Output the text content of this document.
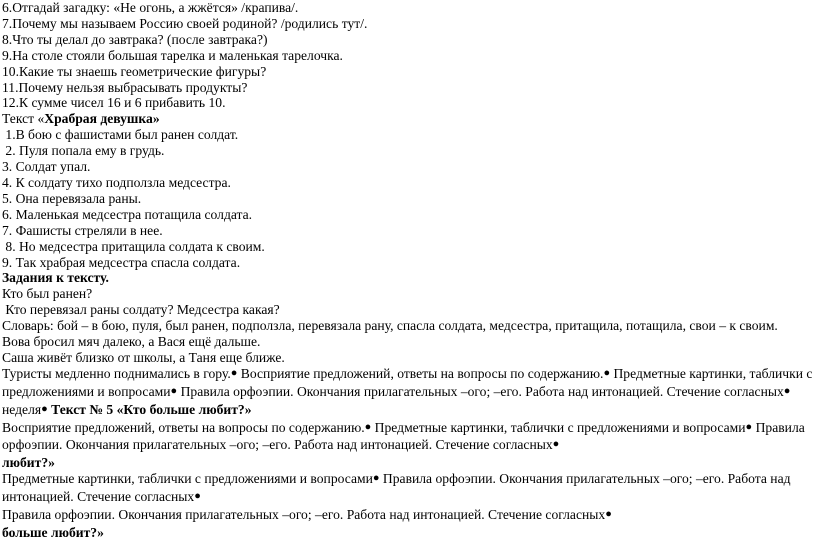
6.Отгадай загадку: «Не огонь, а жжётся» /крапива/.
7.Почему мы называем Россию своей родиной? /родились тут/.
8.Что ты делал до завтрака? (после завтрака?)
9.На столе стояли большая тарелка и маленькая тарелочка.
10.Какие ты знаешь геометрические фигуры?
11.Почему нельзя выбрасывать продукты?
12.К сумме чисел 16 и 6 прибавить 10.
Текст «Храбрая девушка»
1.В бою с фашистами был ранен солдат.
2. Пуля попала ему в грудь.
3. Солдат упал.
4. К солдату тихо подползла медсестра.
5. Она перевязала раны.
6. Маленькая медсестра потащила солдата.
7. Фашисты стреляли в нее.
8. Но медсестра притащила солдата к своим.
9. Так храбрая медсестра спасла солдата.
Задания к тексту.
Кто был ранен?
Кто перевязал раны солдату? Медсестра какая?
Словарь: бой – в бою, пуля, был ранен, подползла, перевязала рану, спасла солдата, медсестра, притащила, потащила, свои – к своим.
Вова бросил мяч далеко, а Вася ещё дальше.
Саша живёт близко от школы, а Таня еще ближе.
Туристы медленно поднимались в гору.● Восприятие предложений, ответы на вопросы по содержанию.● Предметные картинки, таблички с
предложениями и вопросами● Правила орфоэпии. Окончания прилагательных –ого; –его. Работа над интонацией. Стечение согласных●
неделя● Текст № 5 «Кто больше любит?»
Восприятие предложений, ответы на вопросы по содержанию.● Предметные картинки, таблички с предложениями и вопросами● Правила
орфоэпии. Окончания прилагательных –ого; –его. Работа над интонацией. Стечение согласных●
любит?»
Предметные картинки, таблички с предложениями и вопросами● Правила орфоэпии. Окончания прилагательных –ого; –его. Работа над
интонацией. Стечение согласных●
Правила орфоэпии. Окончания прилагательных –ого; –его. Работа над интонацией. Стечение согласных●
больше любит?»
